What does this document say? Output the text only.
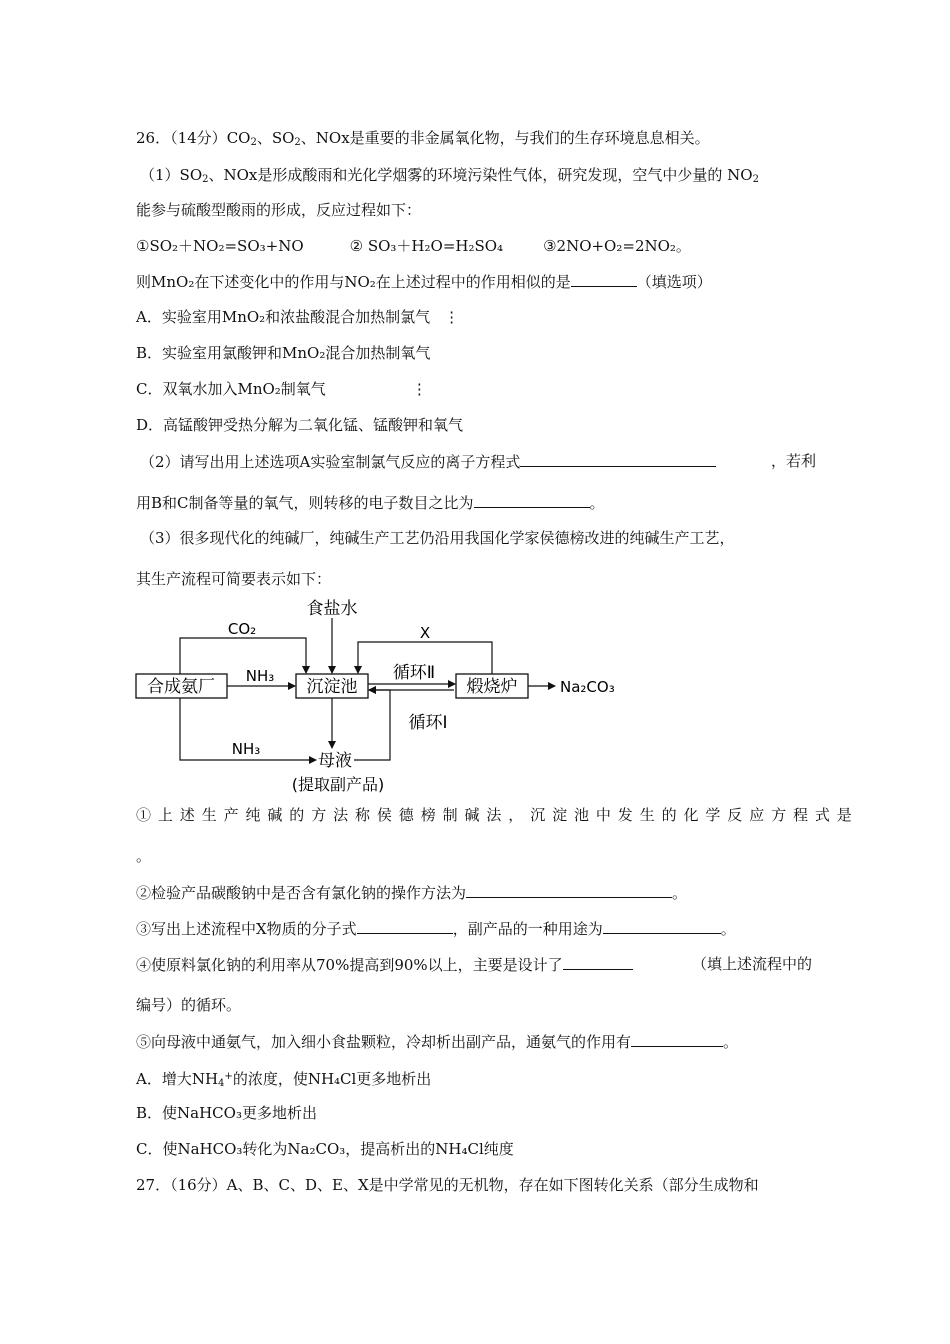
26．（14分）$CO_2$、$SO_2$、NOx是重要的非金属氧化物，与我们的生存环境息息相关。
$(1)SO_2$、NOx是形成酸雨和光化学烟雾的环境污染性气体，研究发现，空气中少量的 $NO_2$
能参与硫酸型酸雨的形成，反应过程如下：
①SO₂＋NO₂=SO₃+NO	② SO₃＋H₂O=H₂SO₄	③2NO+O₂=2NO₂。
则MnO₂在下述变化中的作用与NO₂在上述过程中的作用相似的是	（填选项）
A．实验室用MnO₂和浓盐酸混合加热制氯气 ⋮
B．实验室用氯酸钾和MnO₂混合加热制氧气
C．双氧水加入MnO₂制氧气	⋮
D．高锰酸钾受热分解为二氧化锰、锰酸钾和氧气
（2）请写出用上述选项A实验室制氯气反应的离子方程式	，若利
用B和C制备等量的氧气，则转移的电子数目之比为	。
（3）很多现代化的纯碱厂，纯碱生产工艺仍沿用我国化学家侯德榜改进的纯碱生产工艺，
其生产流程可简要表示如下：
食盐水
CO₂	X
NH₃	循环Ⅱ
合成氨厂	沉淀池	煅烧炉	Na₂CO₃
循环Ⅰ
NH₃
母液
(提取副产品)
①上述生产纯碱的方法称侯德榜制碱法，沉淀池中发生的化学反应方程式是
。
②检验产品碳酸钠中是否含有氯化钠的操作方法为	。
③写出上述流程中X物质的分子式	，副产品的一种用途为	。
④使原料氯化钠的利用率从70%提高到90%以上，主要是设计了	（填上述流程中的
编号）的循环。
⑤向母液中通氨气，加入细小食盐颗粒，冷却析出副产品，通氨气的作用有	。
A．增大$NH_4^+$的浓度，使NH₄Cl更多地析出
B．使NaHCO₃更多地析出
C．使NaHCO₃转化为Na₂CO₃，提高析出的NH₄Cl纯度
27．（16分）A、B、C、D、E、X是中学常见的无机物，存在如下图转化关系（部分生成物和
